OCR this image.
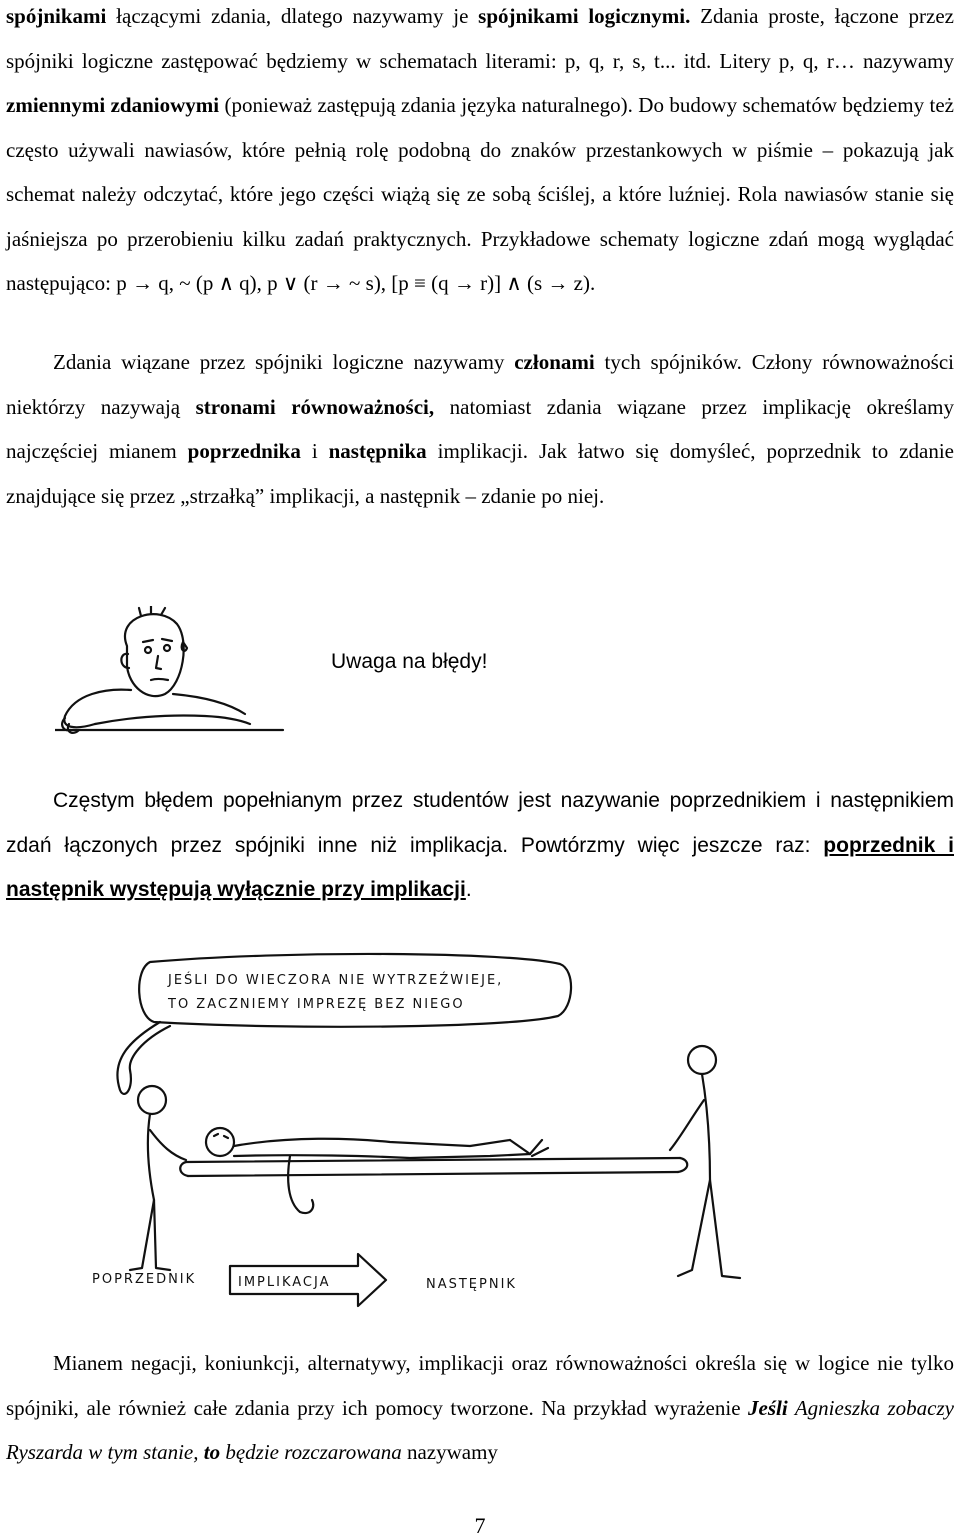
spójnikami łączącymi zdania, dlatego nazywamy je spójnikami logicznymi. Zdania proste, łączone przez spójniki logiczne zastępować będziemy w schematach literami: p, q, r, s, t... itd. Litery p, q, r… nazywamy zmiennymi zdaniowymi (ponieważ zastępują zdania języka naturalnego). Do budowy schematów będziemy też często używali nawiasów, które pełnią rolę podobną do znaków przestankowych w piśmie – pokazują jak schemat należy odczytać, które jego części wiążą się ze sobą ściślej, a które luźniej. Rola nawiasów stanie się jaśniejsza po przerobieniu kilku zadań praktycznych. Przykładowe schematy logiczne zdań mogą wyglądać następująco: p → q, ~ (p ∧ q), p ∨ (r → ~ s), [p ≡ (q → r)] ∧ (s → z).

Zdania wiązane przez spójniki logiczne nazywamy członami tych spójników. Człony równoważności niektórzy nazywają stronami równoważności, natomiast zdania wiązane przez implikację określamy najczęściej mianem poprzednika i następnika implikacji. Jak łatwo się domyśleć, poprzednik to zdanie znajdujące się przez „strzałką” implikacji, a następnik – zdanie po niej.

Uwaga na błędy!

Częstym błędem popełnianym przez studentów jest nazywanie poprzednikiem i następnikiem zdań łączonych przez spójniki inne niż implikacja. Powtórzmy więc jeszcze raz: poprzednik i następnik występują wyłącznie przy implikacji.

JEŚLI DO WIECZORA NIE WYTRZEŹWIEJE,
TO ZACZNIEMY IMPREZĘ BEZ NIEGO
POPRZEDNIK	IMPLIKACJA	NASTĘPNIK

Mianem negacji, koniunkcji, alternatywy, implikacji oraz równoważności określa się w logice nie tylko spójniki, ale również całe zdania przy ich pomocy tworzone. Na przykład wyrażenie Jeśli Agnieszka zobaczy Ryszarda w tym stanie, to będzie rozczarowana nazywamy

7
